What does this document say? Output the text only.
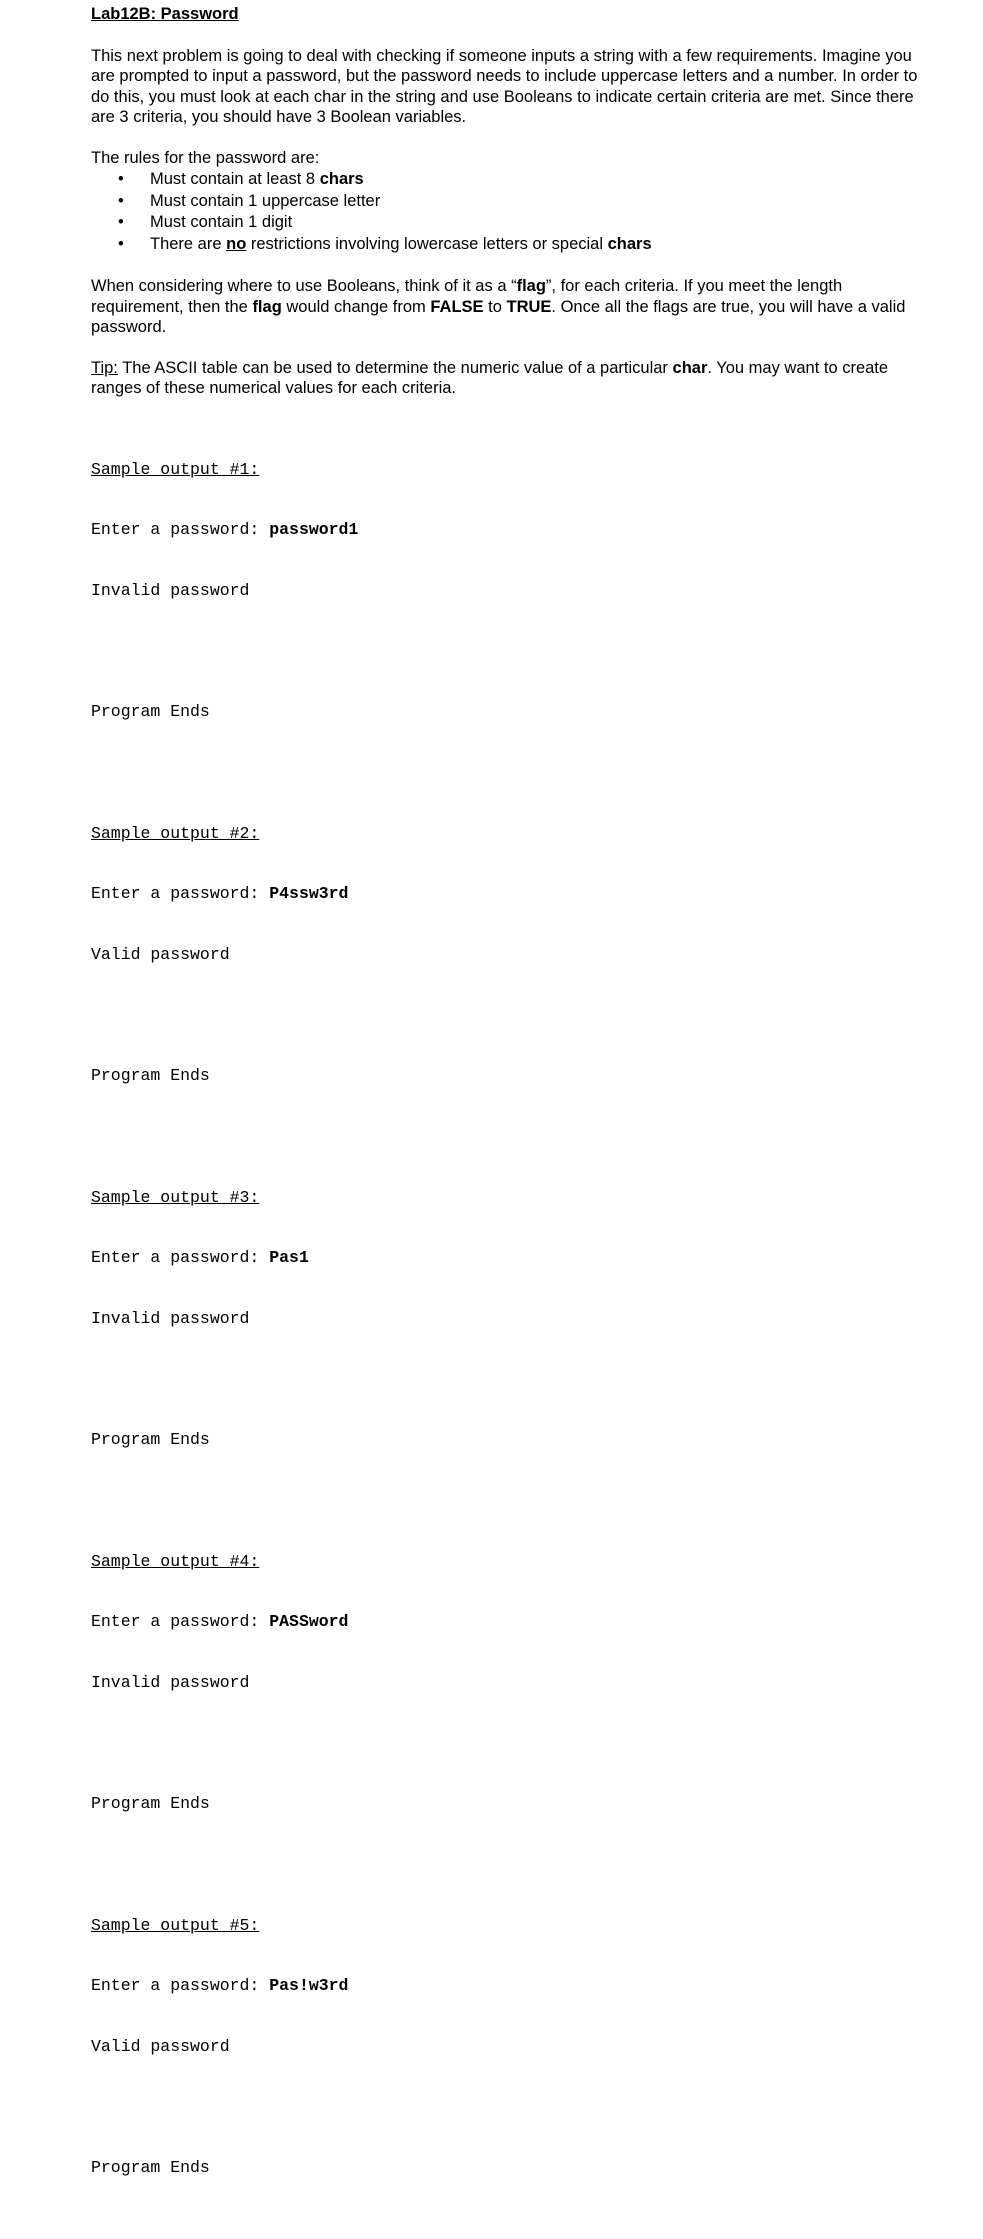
Lab12B: Password
This next problem is going to deal with checking if someone inputs a string with a few requirements. Imagine you are prompted to input a password, but the password needs to include uppercase letters and a number. In order to do this, you must look at each char in the string and use Booleans to indicate certain criteria are met. Since there are 3 criteria, you should have 3 Boolean variables.
The rules for the password are:
• Must contain at least 8 chars
• Must contain 1 uppercase letter
• Must contain 1 digit
• There are no restrictions involving lowercase letters or special chars
When considering where to use Booleans, think of it as a “flag”, for each criteria. If you meet the length requirement, then the flag would change from FALSE to TRUE. Once all the flags are true, you will have a valid password.
Tip: The ASCII table can be used to determine the numeric value of a particular char. You may want to create ranges of these numerical values for each criteria.

Sample output #1:

Enter a password: password1

Invalid password

Program Ends

Sample output #2:

Enter a password: P4ssw3rd

Valid password

Program Ends

Sample output #3:

Enter a password: Pas1

Invalid password

Program Ends

Sample output #4:

Enter a password: PASSword

Invalid password

Program Ends

Sample output #5:

Enter a password: Pas!w3rd

Valid password

Program Ends
